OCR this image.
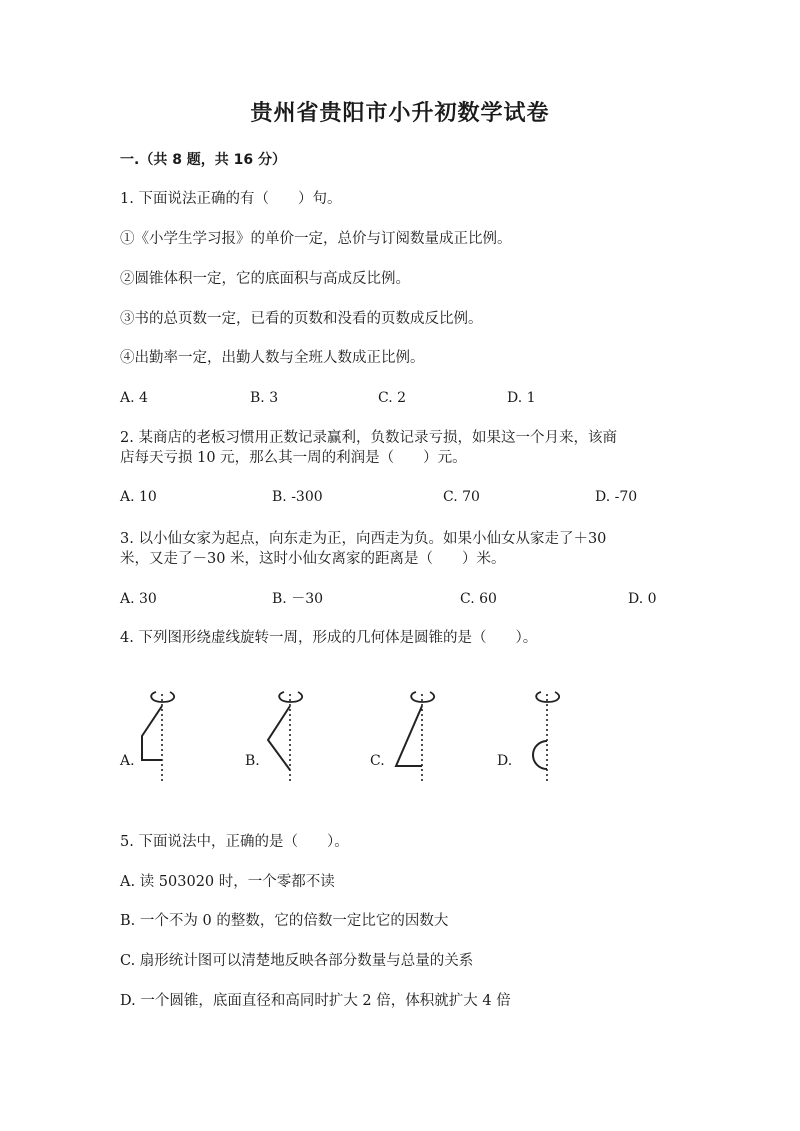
贵州省贵阳市小升初数学试卷
一.（共 8 题，共 16 分）
1. 下面说法正确的有（　　）句。
①《小学生学习报》的单价一定，总价与订阅数量成正比例。
②圆锥体积一定，它的底面积与高成反比例。
③书的总页数一定，已看的页数和没看的页数成反比例。
④出勤率一定，出勤人数与全班人数成正比例。
A. 4	B. 3	C. 2	D. 1
2. 某商店的老板习惯用正数记录赢利，负数记录亏损，如果这一个月来，该商
店每天亏损 10 元，那么其一周的利润是（　　）元。
A. 10	B. -300	C. 70	D. -70
3. 以小仙女家为起点，向东走为正，向西走为负。如果小仙女从家走了＋30
米，又走了－30 米，这时小仙女离家的距离是（　　）米。
A. 30	B. －30	C. 60	D. 0
4. 下列图形绕虚线旋转一周，形成的几何体是圆锥的是（　　）。
A.	B.	C.	D.
5. 下面说法中，正确的是（　　）。
A. 读 503020 时，一个零都不读
B. 一个不为 0 的整数，它的倍数一定比它的因数大
C. 扇形统计图可以清楚地反映各部分数量与总量的关系
D. 一个圆锥，底面直径和高同时扩大 2 倍，体积就扩大 4 倍
